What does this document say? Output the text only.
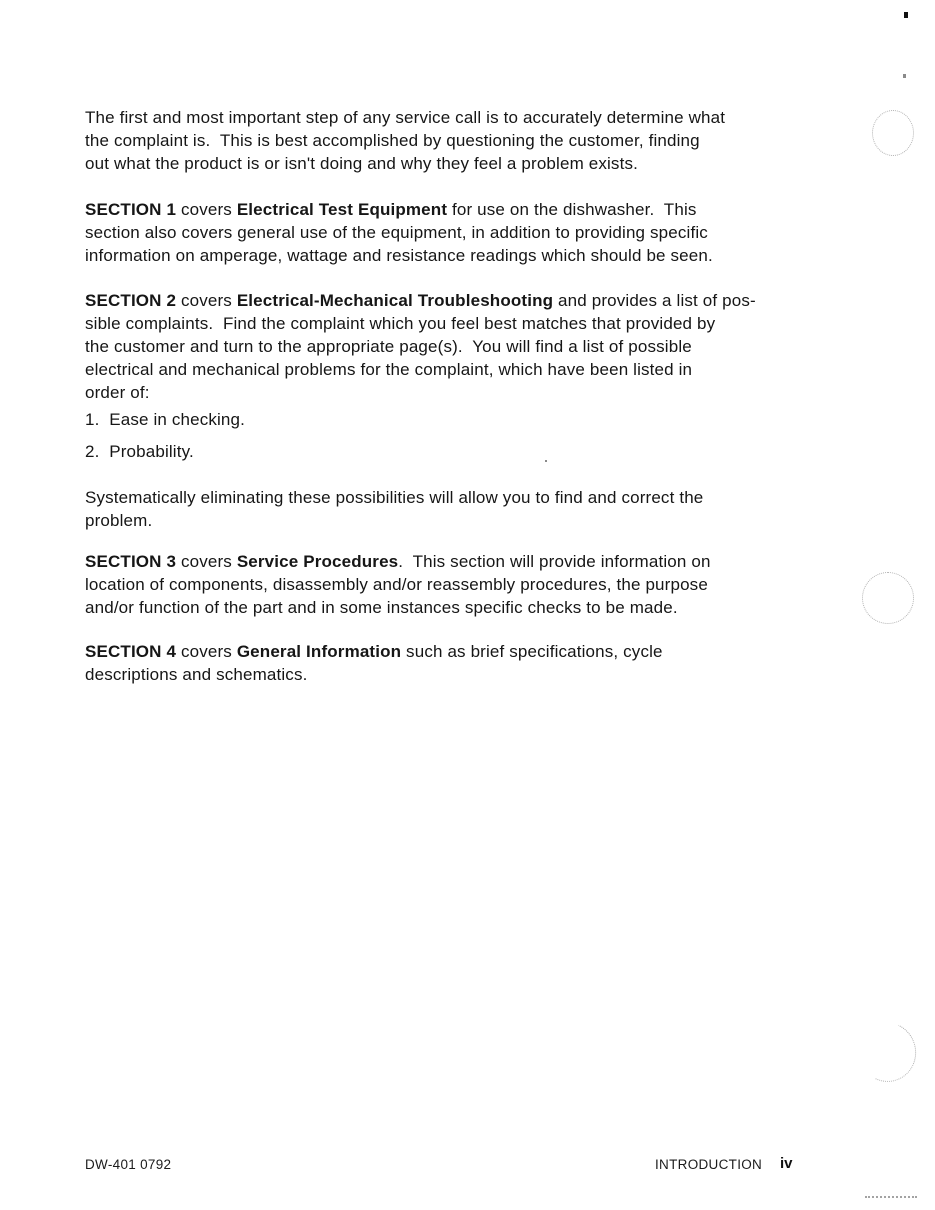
The first and most important step of any service call is to accurately determine what
the complaint is.  This is best accomplished by questioning the customer, finding
out what the product is or isn't doing and why they feel a problem exists.
SECTION 1 covers Electrical Test Equipment for use on the dishwasher.  This
section also covers general use of the equipment, in addition to providing specific
information on amperage, wattage and resistance readings which should be seen.
SECTION 2 covers Electrical-Mechanical Troubleshooting and provides a list of pos-
sible complaints.  Find the complaint which you feel best matches that provided by
the customer and turn to the appropriate page(s).  You will find a list of possible
electrical and mechanical problems for the complaint, which have been listed in
order of:
1.  Ease in checking.
2.  Probability.
Systematically eliminating these possibilities will allow you to find and correct the
problem.
SECTION 3 covers Service Procedures.  This section will provide information on
location of components, disassembly and/or reassembly procedures, the purpose
and/or function of the part and in some instances specific checks to be made.
SECTION 4 covers General Information such as brief specifications, cycle
descriptions and schematics.
DW-401 0792	INTRODUCTION iv
